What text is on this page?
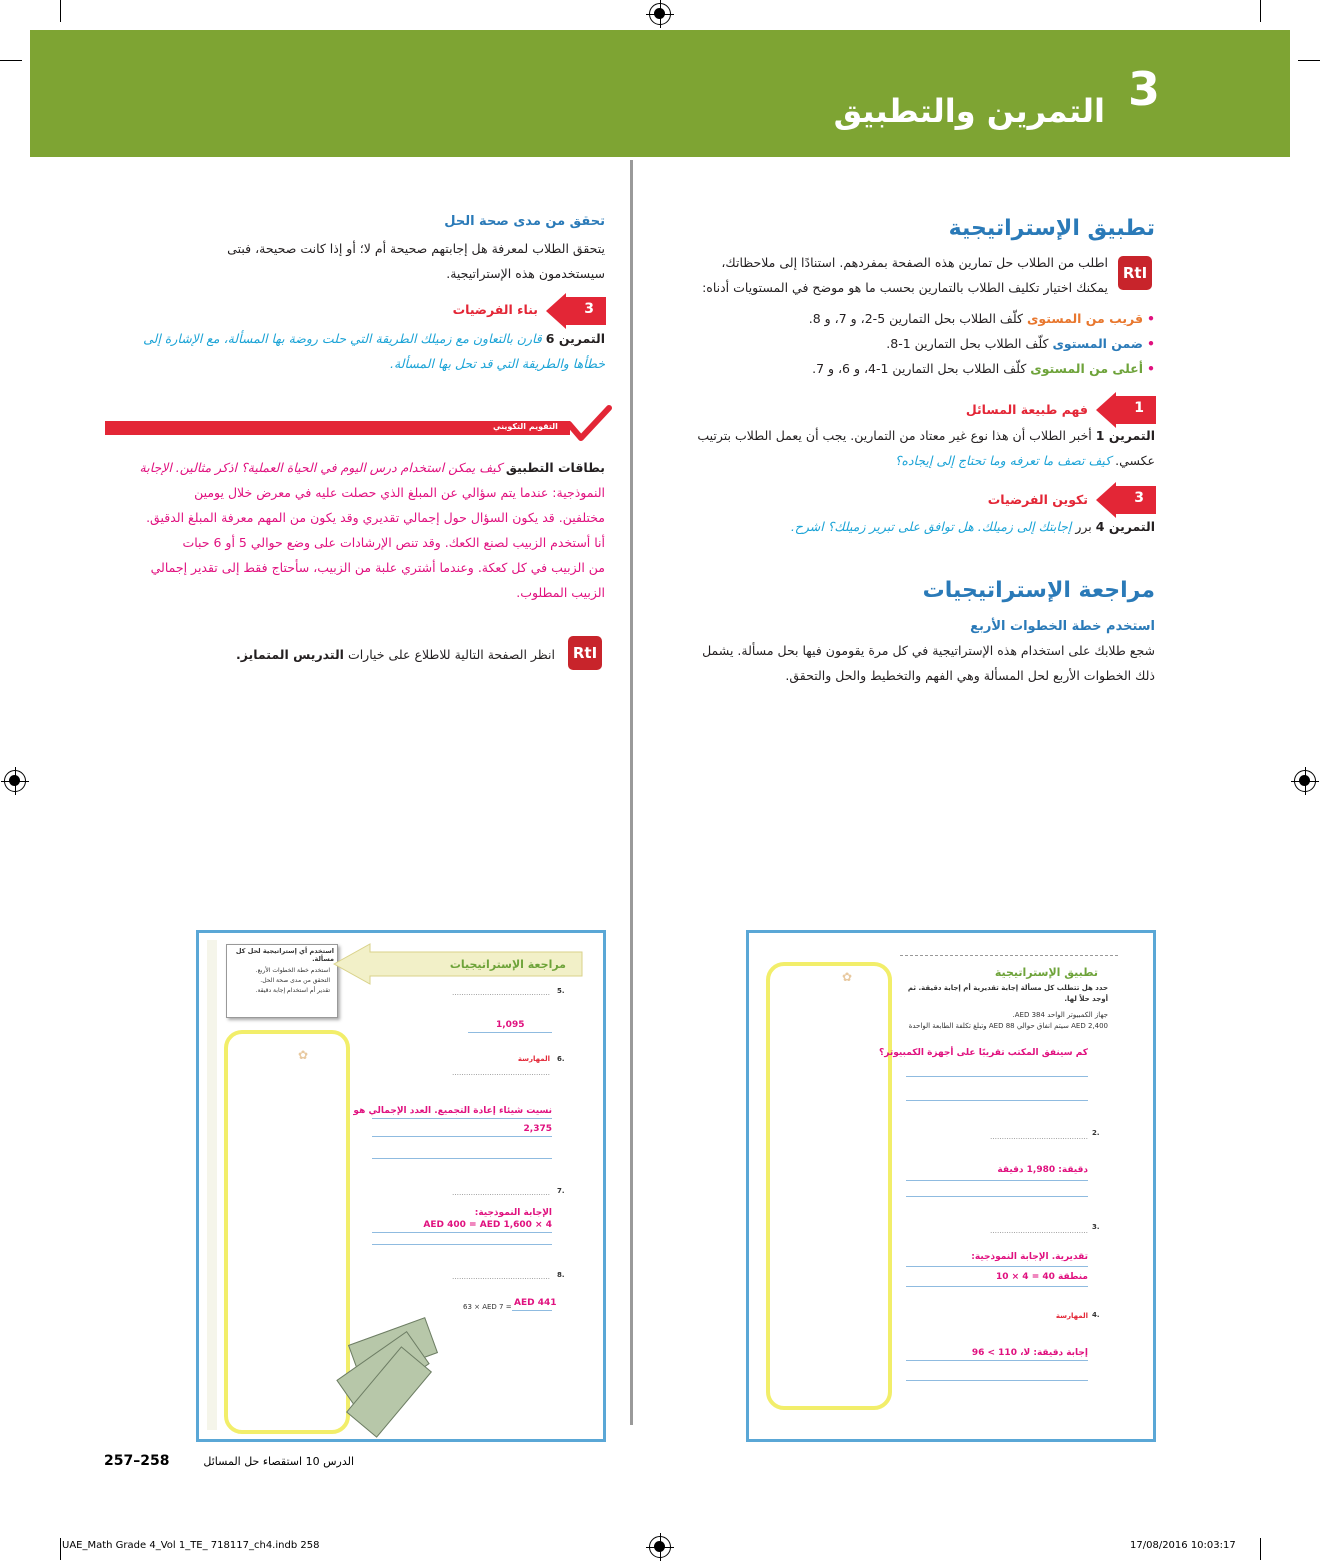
3
التمرين والتطبيق
تطبيق الإستراتيجية
RtI
اطلب من الطلاب حل تمارين هذه الصفحة بمفردهم. استنادًا إلى ملاحظاتك،
يمكنك اختيار تكليف الطلاب بالتمارين بحسب ما هو موضح في المستويات أدناه:
• قريب من المستوى كلّف الطلاب بحل التمارين 5-2، و 7، و 8.
• ضمن المستوى كلّف الطلاب بحل التمارين 1-8.
• أعلى من المستوى كلّف الطلاب بحل التمارين 1-4، و 6، و 7.
1
فهم طبيعة المسائل
التمرين 1 أخبر الطلاب أن هذا نوع غير معتاد من التمارين. يجب أن يعمل الطلاب بترتيب
عكسي. كيف تصف ما تعرفه وما تحتاج إلى إيجاده؟
3
تكوين الفرضيات
التمرين 4 برر إجابتك إلى زميلك. هل توافق على تبرير زميلك؟ اشرح.
مراجعة الإستراتيجيات
استخدم خطة الخطوات الأربع
شجع طلابك على استخدام هذه الإستراتيجية في كل مرة يقومون فيها بحل مسألة. يشمل
ذلك الخطوات الأربع لحل المسألة وهي الفهم والتخطيط والحل والتحقق.
تحقق من مدى صحة الحل
يتحقق الطلاب لمعرفة هل إجابتهم صحيحة أم لا؛ أو إذا كانت صحيحة، فبتى
سيستخدمون هذه الإستراتيجية.
3
بناء الفرضيات
التمرين 6 قارن بالتعاون مع زميلك الطريقة التي حلت روضة بها المسألة، مع الإشارة إلى
خطأها والطريقة التي قد تحل بها المسألة.
التقويم التكويني
بطاقات التطبيق كيف يمكن استخدام درس اليوم في الحياة العملية؟ اذكر مثالين. الإجابة
النموذجية: عندما يتم سؤالي عن المبلغ الذي حصلت عليه في معرض خلال يومين
مختلفين. قد يكون السؤال حول إجمالي تقديري وقد يكون من المهم معرفة المبلغ الدقيق.
أنا أستخدم الزبيب لصنع الكعك. وقد تنص الإرشادات على وضع حوالي 5 أو 6 حبات
من الزبيب في كل كعكة. وعندما أشتري علبة من الزبيب، سأحتاج فقط إلى تقدير إجمالي
الزبيب المطلوب.
RtI
انظر الصفحة التالية للاطلاع على خيارات التدريس المتمايز.
✿	تطبيق الإستراتيجية
حدد هل تتطلب كل مسألة إجابة تقديرية أم إجابة دقيقة. ثم أوجد حلاً لها.
جهاز الكمبيوتر الواحد 384 AED.
AED 2,400 سيتم انفاق حوالي AED 88 وتبلغ تكلفة الطابعة الواحدة
كم سينفق المكتب تقريبًا على أجهزة الكمبيوتر؟
2.
……………………………………
دقيقة: 1,980 دقيقة
3.
……………………………………
تقديرية. الإجابة النموذجية:
منطقة 40 = 4 × 10
4.
المهارسة
إجابة دقيقة: لا، 110 > 96
استخدم أي إستراتيجية لحل كل مسألة.
استخدم خطة الخطوات الأربع.
التحقق من مدى صحة الحل.
تقدير أم استخدام إجابة دقيقة.
مراجعة الإستراتيجيات
✿
5.
……………………………………
1,095
6.
المهارسة
……………………………………
نسيت شيئاء إعادة التجميع. العدد الإجمالي هو
2,375
7.
……………………………………
الإجابة النموذجية:
4 × AED 400 = AED 1,600
8.
……………………………………
AED 441
63 × AED 7 =
257–258	الدرس 10 استقصاء حل المسائل
UAE_Math Grade 4_Vol 1_TE_ 718117_ch4.indb 258	17/08/2016 10:03:17
